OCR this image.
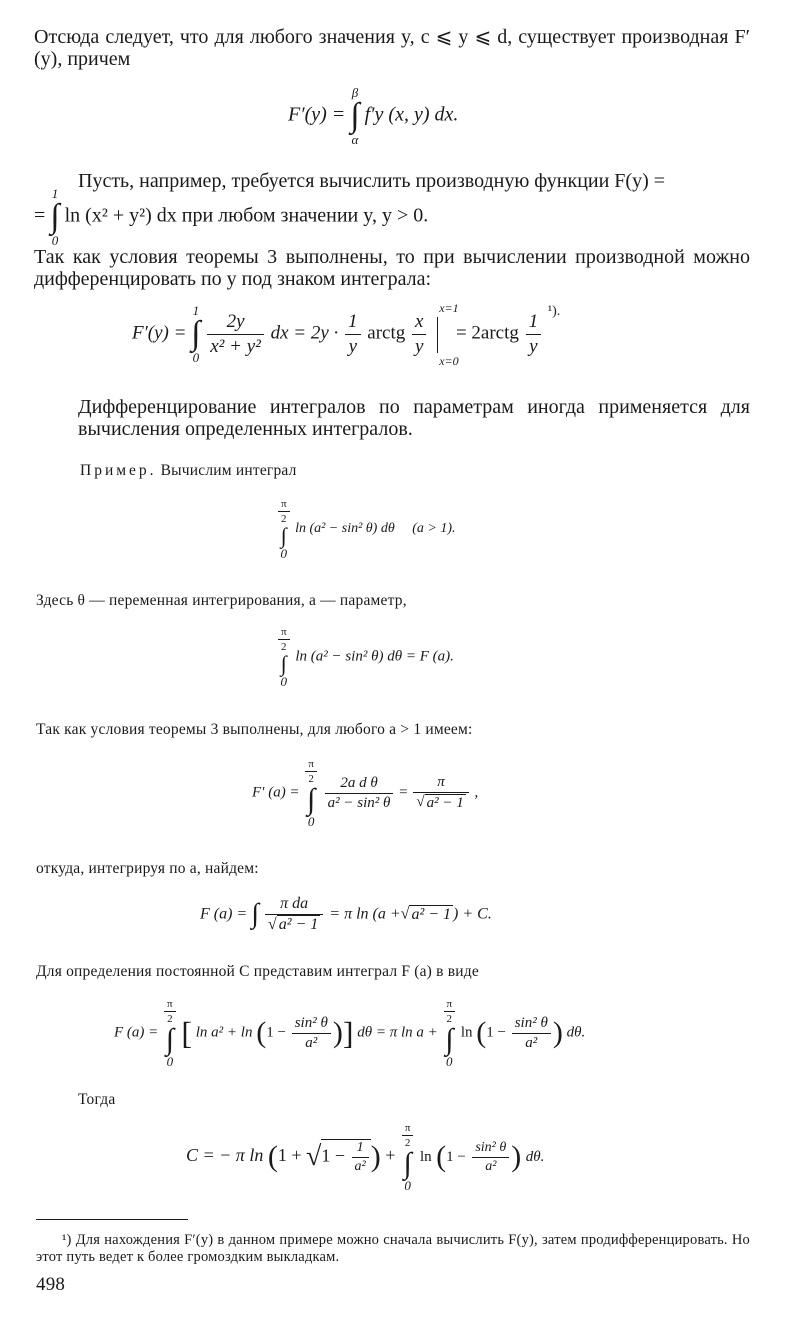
Отсюда следует, что для любого значения y, c ⩽ y ⩽ d, существует производная F′(y), причем
F′(y) =
β
∫
α
f′y (x, y) dx.
Пусть, например, требуется вычислить производную функции F(y) =
=
1
∫
0
ln (x² + y²) dx при любом значении y, y > 0.
Так как условия теоремы 3 выполнены, то при вычислении производной можно дифференцировать по y под знаком интеграла:
F′(y) =
1
∫
0
$\frac{2y}{\text{x² + y²}}$ dx = $2y \cdot \frac{1}{y}$ arctg $\frac{x}{y}$

x=1
x=0
= 2arctg $\frac{1}{y} ^{^1).}$
Дифференцирование интегралов по параметрам иногда применяется для вычисления определенных интегралов.
Пример. Вычислим интеграл
$\frac{\pi}{2}$
∫
0
ln (a² − sin² θ) dθ (a > 1).
Здесь θ — переменная интегрирования, a — параметр,
$\frac{\pi}{2}$
∫
0
ln (a² − sin² θ) dθ = F (a).
Так как условия теоремы 3 выполнены, для любого a > 1 имеем:
F′ (a) =
$\frac{\pi}{2}$
∫
0

$\frac{\text{2a d θ}}{\text{a² − sin² θ}} = \frac{\pi}{\text{√ a² − 1}}$ ,
откуда, интегрируя по a, найдем:
F (a) = ∫ $\frac{\text{π da}}{\text{√ a² − 1}} = \pi$ ln (a +√ a² − 1 ) + C.
Для определения постоянной C представим интеграл F (a) в виде
F (a) =
$\frac{\pi}{2}$
∫
0
[ $\ln a^2 + \ln (1 - \frac{\text{sin² θ}}{\text{a²}}$ )] dθ = π ln a +
$\frac{\pi}{2}$
∫
0
$\ln (1 - \frac{\text{sin² θ}}{\text{a²}}$ ) dθ.
Тогда
C = − π $\ln (1 + √1 - \frac{1}{\text{a²}}$ ) +
$\frac{\pi}{2}$
∫
0
$\ln (1 - \frac{\text{sin² θ}}{\text{a²}}$ ) dθ.
¹) Для нахождения F′(y) в данном примере можно сначала вычислить F(y), затем продифференцировать. Но этот путь ведет к более громоздким выкладкам.
498
